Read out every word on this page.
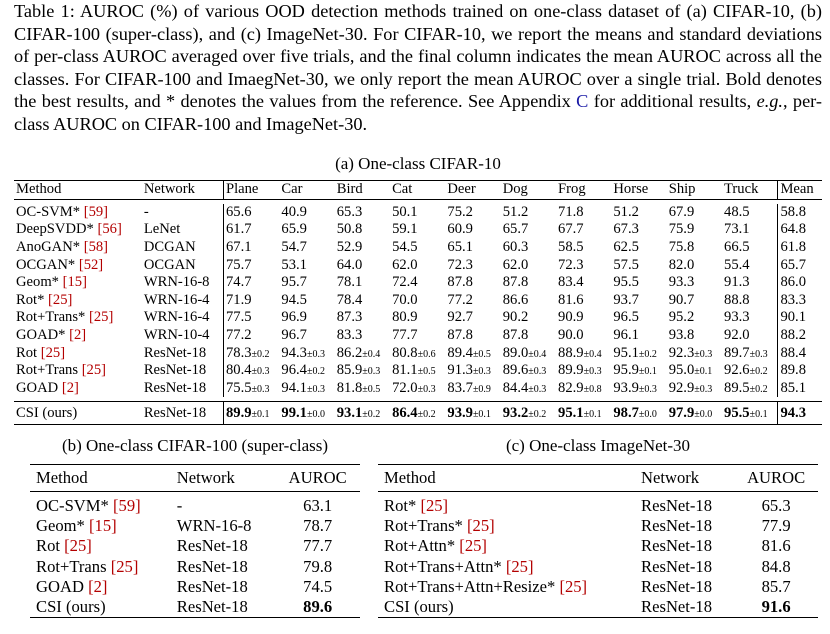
Table 1: AUROC (%) of various OOD detection methods trained on one-class dataset of (a) CIFAR-10, (b) CIFAR-100 (super-class), and (c) ImageNet-30. For CIFAR-10, we report the means and standard deviations of per-class AUROC averaged over five trials, and the final column indicates the mean AUROC across all the classes. For CIFAR-100 and ImaegNet-30, we only report the mean AUROC over a single trial. Bold denotes the best results, and * denotes the values from the reference. See Appendix C for additional results, e.g., per-class AUROC on CIFAR-100 and ImageNet-30.
(a) One-class CIFAR-10
Method	Network	Plane	Car	Bird	Cat	Deer	Dog	Frog	Horse	Ship	Truck	Mean

OC-SVM* [59]	-	65.6	40.9	65.3	50.1	75.2	51.2	71.8	51.2	67.9	48.5	58.8
DeepSVDD* [56]	LeNet	61.7	65.9	50.8	59.1	60.9	65.7	67.7	67.3	75.9	73.1	64.8
AnoGAN* [58]	DCGAN	67.1	54.7	52.9	54.5	65.1	60.3	58.5	62.5	75.8	66.5	61.8
OCGAN* [52]	OCGAN	75.7	53.1	64.0	62.0	72.3	62.0	72.3	57.5	82.0	55.4	65.7
Geom* [15]	WRN-16-8	74.7	95.7	78.1	72.4	87.8	87.8	83.4	95.5	93.3	91.3	86.0
Rot* [25]	WRN-16-4	71.9	94.5	78.4	70.0	77.2	86.6	81.6	93.7	90.7	88.8	83.3
Rot+Trans* [25]	WRN-16-4	77.5	96.9	87.3	80.9	92.7	90.2	90.9	96.5	95.2	93.3	90.1
GOAD* [2]	WRN-10-4	77.2	96.7	83.3	77.7	87.8	87.8	90.0	96.1	93.8	92.0	88.2
Rot [25]	ResNet-18	78.3±0.2	94.3±0.3	86.2±0.4	80.8±0.6	89.4±0.5	89.0±0.4	88.9±0.4	95.1±0.2	92.3±0.3	89.7±0.3	88.4
Rot+Trans [25]	ResNet-18	80.4±0.3	96.4±0.2	85.9±0.3	81.1±0.5	91.3±0.3	89.6±0.3	89.9±0.3	95.9±0.1	95.0±0.1	92.6±0.2	89.8
GOAD [2]	ResNet-18	75.5±0.3	94.1±0.3	81.8±0.5	72.0±0.3	83.7±0.9	84.4±0.3	82.9±0.8	93.9±0.3	92.9±0.3	89.5±0.2	85.1

CSI (ours)	ResNet-18	89.9±0.1	99.1±0.0	93.1±0.2	86.4±0.2	93.9±0.1	93.2±0.2	95.1±0.1	98.7±0.0	97.9±0.0	95.5±0.1	94.3
(b) One-class CIFAR-100 (super-class)
Method	Network	AUROC
OC-SVM* [59]	-	63.1
Geom* [15]	WRN-16-8	78.7
Rot [25]	ResNet-18	77.7
Rot+Trans [25]	ResNet-18	79.8
GOAD [2]	ResNet-18	74.5
CSI (ours)	ResNet-18	89.6
(c) One-class ImageNet-30
Method	Network	AUROC
Rot* [25]	ResNet-18	65.3
Rot+Trans* [25]	ResNet-18	77.9
Rot+Attn* [25]	ResNet-18	81.6
Rot+Trans+Attn* [25]	ResNet-18	84.8
Rot+Trans+Attn+Resize* [25]	ResNet-18	85.7
CSI (ours)	ResNet-18	91.6
